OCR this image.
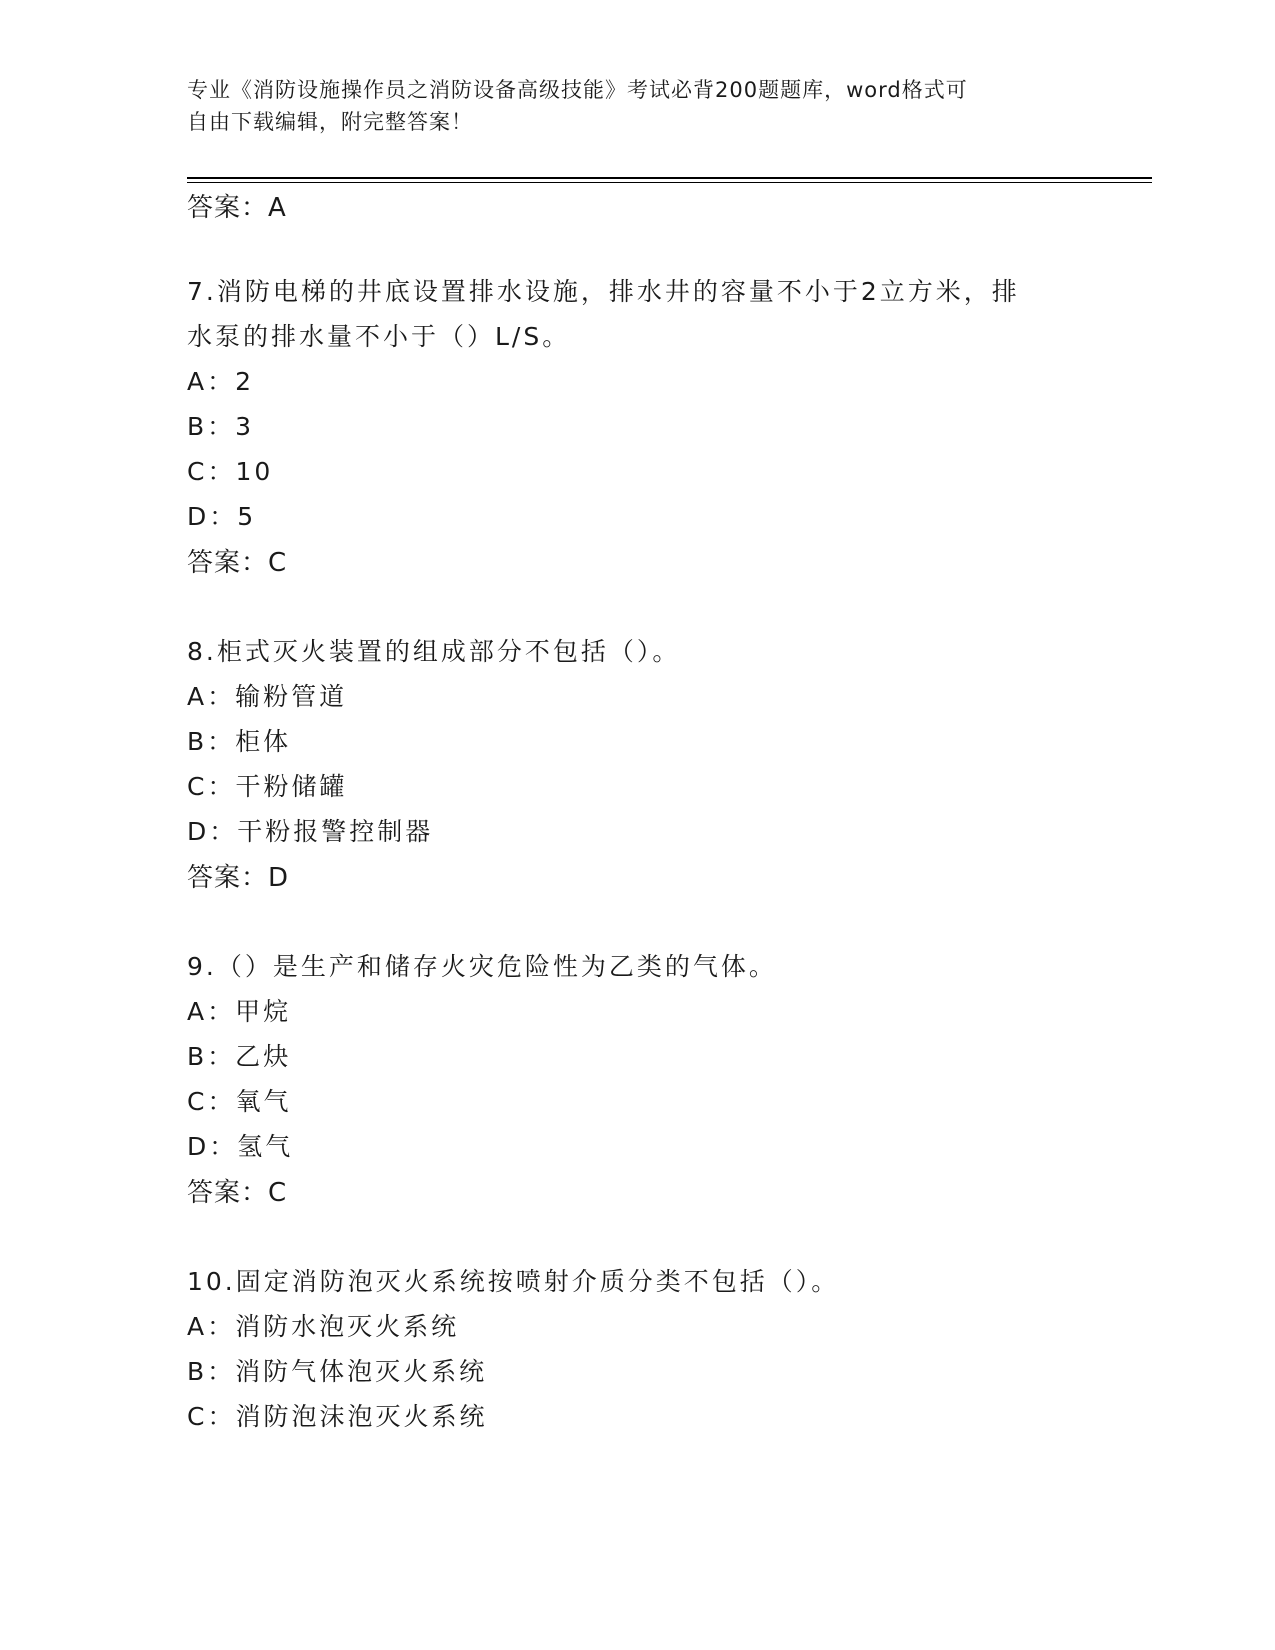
专业《消防设施操作员之消防设备高级技能》考试必背200题题库，word格式可
自由下载编辑，附完整答案！
答案：A
7.消防电梯的井底设置排水设施，排水井的容量不小于2立方米，排
水泵的排水量不小于（）L/S。
A：2
B：3
C：10
D：5
答案：C
8.柜式灭火装置的组成部分不包括（）。
A：输粉管道
B：柜体
C：干粉储罐
D：干粉报警控制器
答案：D
9.（）是生产和储存火灾危险性为乙类的气体。
A：甲烷
B：乙炔
C：氧气
D：氢气
答案：C
10.固定消防泡灭火系统按喷射介质分类不包括（）。
A：消防水泡灭火系统
B：消防气体泡灭火系统
C：消防泡沫泡灭火系统
